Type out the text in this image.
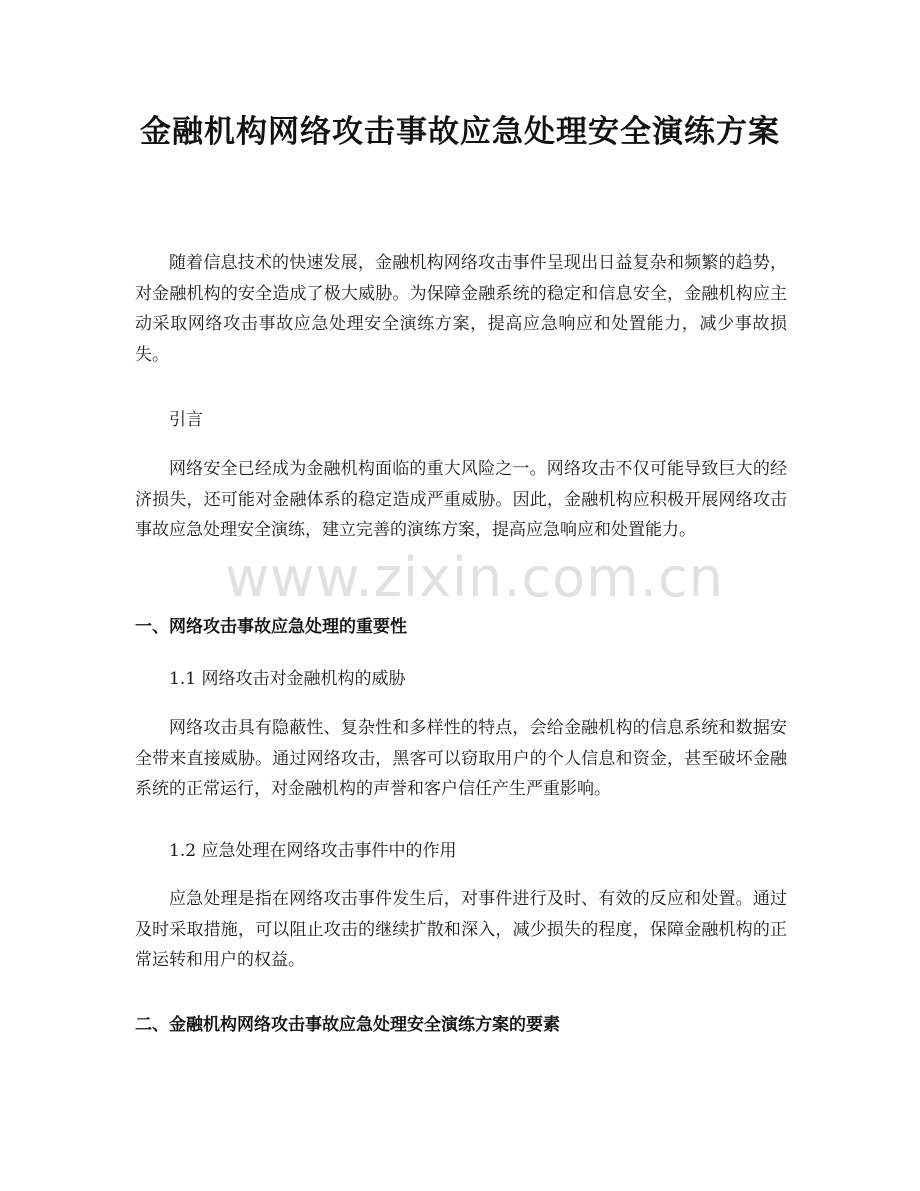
金融机构网络攻击事故应急处理安全演练方案
随着信息技术的快速发展，金融机构网络攻击事件呈现出日益复杂和频繁的趋势，对金融机构的安全造成了极大威胁。为保障金融系统的稳定和信息安全，金融机构应主动采取网络攻击事故应急处理安全演练方案，提高应急响应和处置能力，减少事故损失。
引言
网络安全已经成为金融机构面临的重大风险之一。网络攻击不仅可能导致巨大的经济损失，还可能对金融体系的稳定造成严重威胁。因此，金融机构应积极开展网络攻击事故应急处理安全演练，建立完善的演练方案，提高应急响应和处置能力。
一、网络攻击事故应急处理的重要性
1.1 网络攻击对金融机构的威胁
网络攻击具有隐蔽性、复杂性和多样性的特点，会给金融机构的信息系统和数据安全带来直接威胁。通过网络攻击，黑客可以窃取用户的个人信息和资金，甚至破坏金融系统的正常运行，对金融机构的声誉和客户信任产生严重影响。
1.2 应急处理在网络攻击事件中的作用
应急处理是指在网络攻击事件发生后，对事件进行及时、有效的反应和处置。通过及时采取措施，可以阻止攻击的继续扩散和深入，减少损失的程度，保障金融机构的正常运转和用户的权益。
二、金融机构网络攻击事故应急处理安全演练方案的要素
www.zixin.com.cn
